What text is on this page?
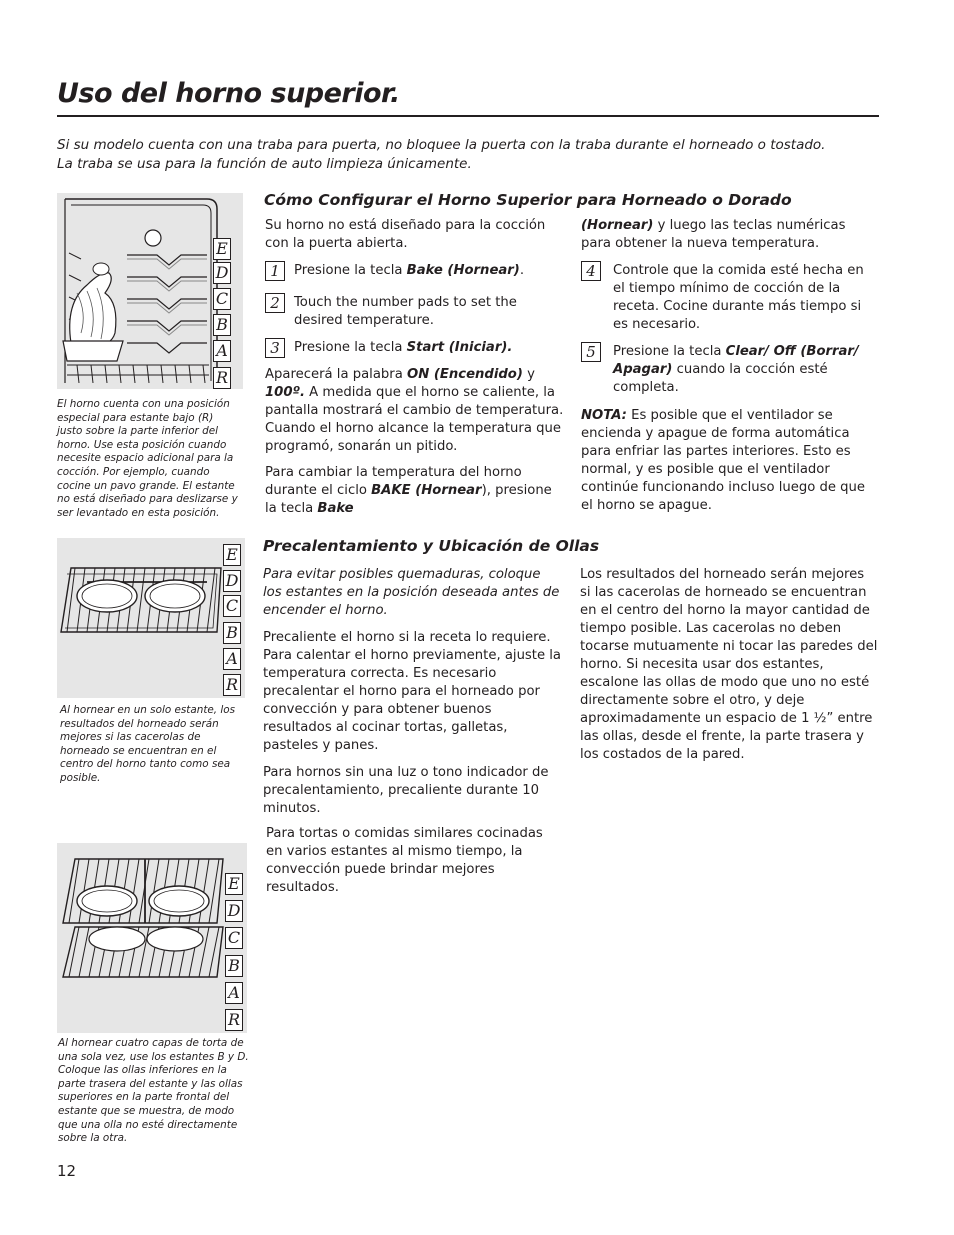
Uso del horno superior.
Si su modelo cuenta con una traba para puerta, no bloquee la puerta con la traba durante el horneado o tostado.
La traba se usa para la función de auto limpieza únicamente.
E
D
C
B
A
R
El horno cuenta con una posición especial para estante bajo (R) justo sobre la parte inferior del horno. Use esta posición cuando necesite espacio adicional para la cocción. Por ejemplo, cuando cocine un pavo grande. El estante no está diseñado para deslizarse y ser levantado en esta posición.
Cómo Configurar el Horno Superior para Horneado o Dorado

Su horno no está diseñado para la cocción con la puerta abierta.

1	Presione la tecla Bake (Hornear).
2	Touch the number pads to set the desired temperature.
3	Presione la tecla Start (Iniciar).

Aparecerá la palabra ON (Encendido) y 100º. A medida que el horno se caliente, la pantalla mostrará el cambio de temperatura. Cuando el horno alcance la temperatura que programó, sonarán un pitido.

Para cambiar la temperatura del horno durante el ciclo BAKE (Hornear), presione la tecla Bake

(Hornear) y luego las teclas numéricas para obtener la nueva temperatura.

4	Controle que la comida esté hecha en el tiempo mínimo de cocción de la receta. Cocine durante más tiempo si es necesario.
5	Presione la tecla Clear/ Off (Borrar/ Apagar) cuando la cocción esté completa.

NOTA: Es posible que el ventilador se encienda y apague de forma automática para enfriar las partes interiores. Esto es normal, y es posible que el ventilador continúe funcionando incluso luego de que el horno se apague.

E
D
C
B
A
R
Al hornear en un solo estante, los resultados del horneado serán mejores si las cacerolas de horneado se encuentran en el centro del horno tanto como sea posible.
Precalentamiento y Ubicación de Ollas

Para evitar posibles quemaduras, coloque los estantes en la posición deseada antes de encender el horno.

Precaliente el horno si la receta lo requiere. Para calentar el horno previamente, ajuste la temperatura correcta. Es necesario precalentar el horno para el horneado por convección y para obtener buenos resultados al cocinar tortas, galletas, pasteles y panes.

Para hornos sin una luz o tono indicador de precalentamiento, precaliente durante 10 minutos.

Los resultados del horneado serán mejores si las cacerolas de horneado se encuentran en el centro del horno la mayor cantidad de tiempo posible. Las cacerolas no deben tocarse mutuamente ni tocar las paredes del horno. Si necesita usar dos estantes, escalone las ollas de modo que uno no esté directamente sobre el otro, y deje aproximadamente un espacio de 1 ½” entre las ollas, desde el frente, la parte trasera y los costados de la pared.

Para tortas o comidas similares cocinadas en varios estantes al mismo tiempo, la convección puede brindar mejores resultados.
E
D
C
B
A
R
Al hornear cuatro capas de torta de una sola vez, use los estantes B y D. Coloque las ollas inferiores en la parte trasera del estante y las ollas superiores en la parte frontal del estante que se muestra, de modo que una olla no esté directamente sobre la otra.
12
